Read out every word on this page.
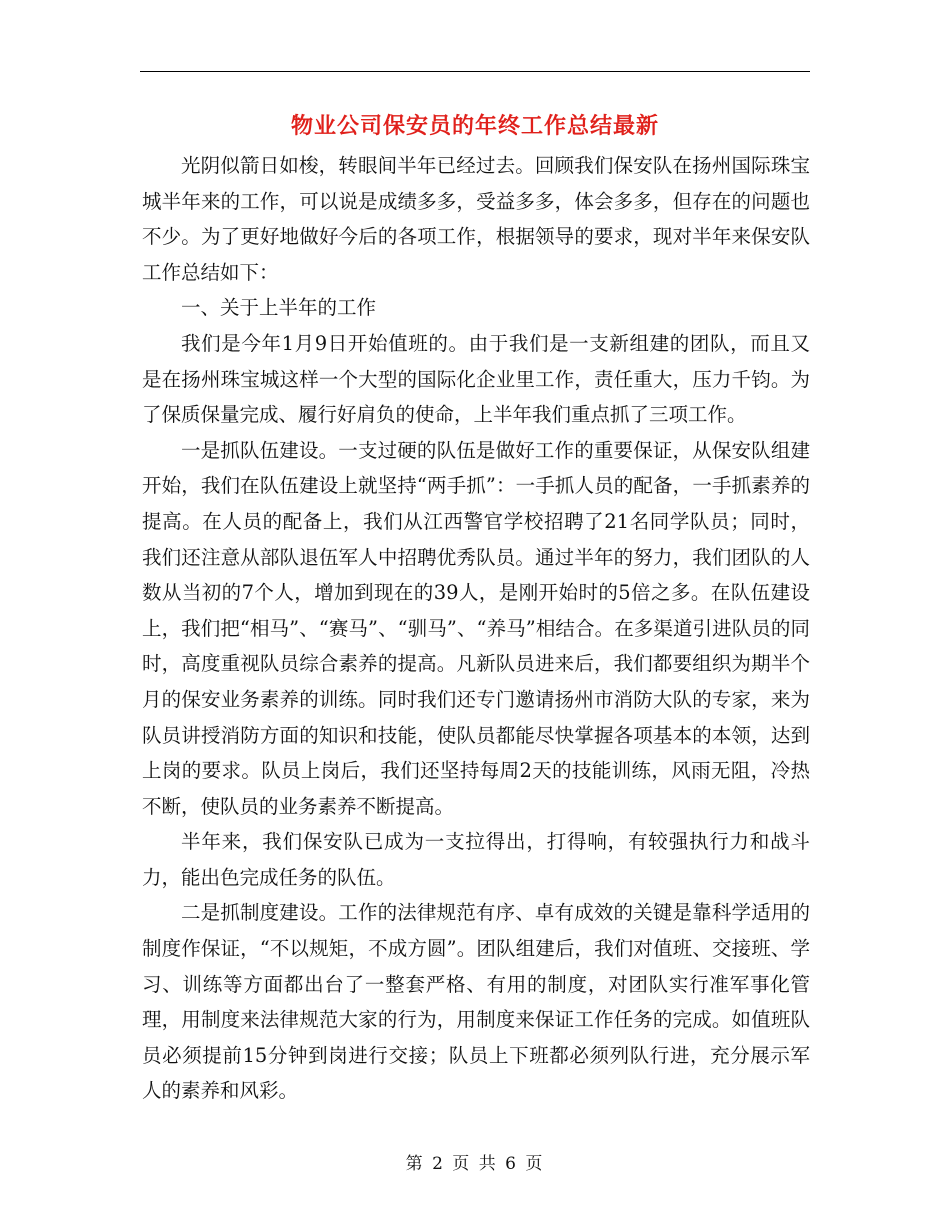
物业公司保安员的年终工作总结最新

光阴似箭日如梭，转眼间半年已经过去。回顾我们保安队在扬州国际珠宝城半年来的工作，可以说是成绩多多，受益多多，体会多多，但存在的问题也不少。为了更好地做好今后的各项工作，根据领导的要求，现对半年来保安队工作总结如下：

一、关于上半年的工作

我们是今年1月9日开始值班的。由于我们是一支新组建的团队，而且又是在扬州珠宝城这样一个大型的国际化企业里工作，责任重大，压力千钧。为了保质保量完成、履行好肩负的使命，上半年我们重点抓了三项工作。

一是抓队伍建设。一支过硬的队伍是做好工作的重要保证，从保安队组建开始，我们在队伍建设上就坚持“两手抓”：一手抓人员的配备，一手抓素养的提高。在人员的配备上，我们从江西警官学校招聘了21名同学队员；同时，我们还注意从部队退伍军人中招聘优秀队员。通过半年的努力，我们团队的人数从当初的7个人，增加到现在的39人，是刚开始时的5倍之多。在队伍建设上，我们把“相马”、“赛马”、“驯马”、“养马”相结合。在多渠道引进队员的同时，高度重视队员综合素养的提高。凡新队员进来后，我们都要组织为期半个月的保安业务素养的训练。同时我们还专门邀请扬州市消防大队的专家，来为队员讲授消防方面的知识和技能，使队员都能尽快掌握各项基本的本领，达到上岗的要求。队员上岗后，我们还坚持每周2天的技能训练，风雨无阻，冷热不断，使队员的业务素养不断提高。

半年来，我们保安队已成为一支拉得出，打得响，有较强执行力和战斗力，能出色完成任务的队伍。

二是抓制度建设。工作的法律规范有序、卓有成效的关键是靠科学适用的制度作保证，“不以规矩，不成方圆”。团队组建后，我们对值班、交接班、学习、训练等方面都出台了一整套严格、有用的制度，对团队实行准军事化管理，用制度来法律规范大家的行为，用制度来保证工作任务的完成。如值班队员必须提前15分钟到岗进行交接；队员上下班都必须列队行进，充分展示军人的素养和风彩。

第 2 页 共 6 页
